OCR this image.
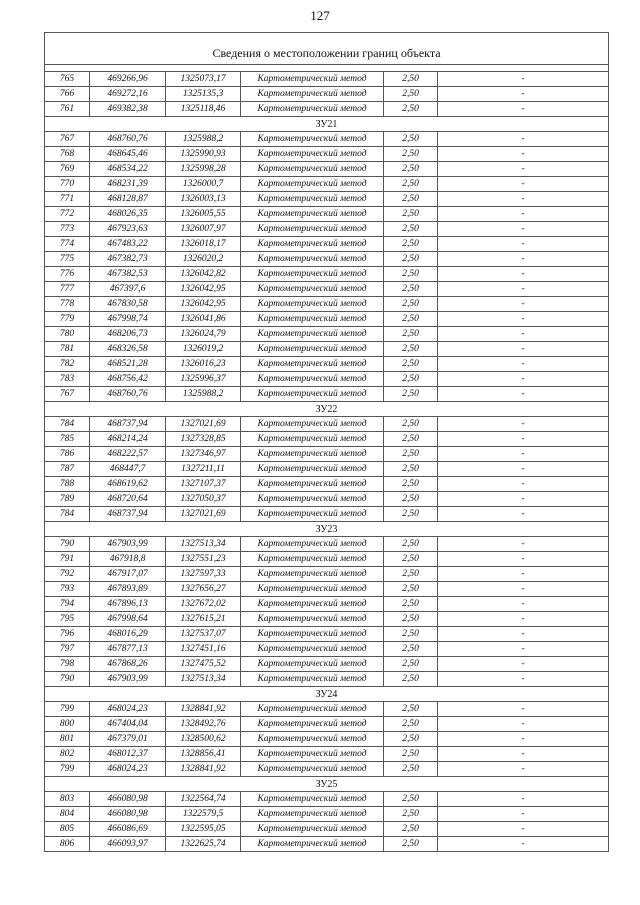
127
Сведения о местоположении границ объекта					

765	469266,96	1325073,17	Картометрический метод	2,50	-
766	469272,16	1325135,3	Картометрический метод	2,50	-
761	469382,38	1325118,46	Картометрический метод	2,50	-
ЗУ21					
767	468760,76	1325988,2	Картометрический метод	2,50	-
768	468645,46	1325990,93	Картометрический метод	2,50	-
769	468534,22	1325998,28	Картометрический метод	2,50	-
770	468231,39	1326000,7	Картометрический метод	2,50	-
771	468128,87	1326003,13	Картометрический метод	2,50	-
772	468026,35	1326005,55	Картометрический метод	2,50	-
773	467923,63	1326007,97	Картометрический метод	2,50	-
774	467483,22	1326018,17	Картометрический метод	2,50	-
775	467382,73	1326020,2	Картометрический метод	2,50	-
776	467382,53	1326042,82	Картометрический метод	2,50	-
777	467397,6	1326042,95	Картометрический метод	2,50	-
778	467830,58	1326042,95	Картометрический метод	2,50	-
779	467998,74	1326041,86	Картометрический метод	2,50	-
780	468206,73	1326024,79	Картометрический метод	2,50	-
781	468326,58	1326019,2	Картометрический метод	2,50	-
782	468521,28	1326016,23	Картометрический метод	2,50	-
783	468756,42	1325996,37	Картометрический метод	2,50	-
767	468760,76	1325988,2	Картометрический метод	2,50	-
ЗУ22					
784	468737,94	1327021,69	Картометрический метод	2,50	-
785	468214,24	1327328,85	Картометрический метод	2,50	-
786	468222,57	1327346,97	Картометрический метод	2,50	-
787	468447,7	1327211,11	Картометрический метод	2,50	-
788	468619,62	1327107,37	Картометрический метод	2,50	-
789	468720,64	1327050,37	Картометрический метод	2,50	-
784	468737,94	1327021,69	Картометрический метод	2,50	-
ЗУ23					
790	467903,99	1327513,34	Картометрический метод	2,50	-
791	467918,8	1327551,23	Картометрический метод	2,50	-
792	467917,07	1327597,33	Картометрический метод	2,50	-
793	467893,89	1327656,27	Картометрический метод	2,50	-
794	467896,13	1327672,02	Картометрический метод	2,50	-
795	467998,64	1327615,21	Картометрический метод	2,50	-
796	468016,29	1327537,07	Картометрический метод	2,50	-
797	467877,13	1327451,16	Картометрический метод	2,50	-
798	467868,26	1327475,52	Картометрический метод	2,50	-
790	467903,99	1327513,34	Картометрический метод	2,50	-
ЗУ24					
799	468024,23	1328841,92	Картометрический метод	2,50	-
800	467404,04	1328492,76	Картометрический метод	2,50	-
801	467379,01	1328500,62	Картометрический метод	2,50	-
802	468012,37	1328856,41	Картометрический метод	2,50	-
799	468024,23	1328841,92	Картометрический метод	2,50	-
ЗУ25					
803	466080,98	1322564,74	Картометрический метод	2,50	-
804	466080,98	1322579,5	Картометрический метод	2,50	-
805	466086,69	1322595,05	Картометрический метод	2,50	-
806	466093,97	1322625,74	Картометрический метод	2,50	-
